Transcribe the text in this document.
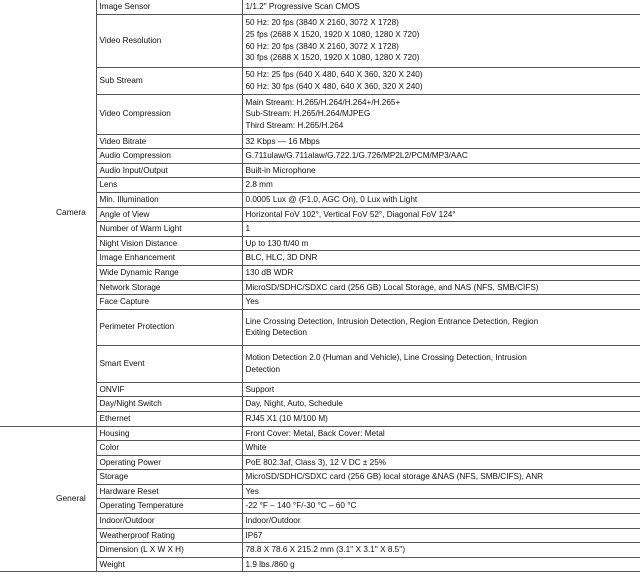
Camera	Image Sensor	1/1.2" Progressive Scan CMOS

	Video Resolution	50 Hz: 20 fps (3840 X 2160, 3072 X 1728)
25 fps (2688 X 1520, 1920 X 1080, 1280 X 720)
60 Hz: 20 fps (3840 X 2160, 3072 X 1728)
30 fps (2688 X 1520, 1920 X 1080, 1280 X 720)

	Sub Stream	50 Hz: 25 fps (640 X 480, 640 X 360, 320 X 240)
60 Hz: 30 fps (640 X 480, 640 X 360, 320 X 240)

	Video Compression	Main Stream: H.265/H.264/H.264+/H.265+
Sub-Stream: H.265/H.264/MJPEG
Third Stream: H.265/H.264

	Video Bitrate	32 Kbps — 16 Mbps

	Audio Compression	G.711ulaw/G.711alaw/G.722.1/G.726/MP2L2/PCM/MP3/AAC

	Audio Input/Output	Built-in Microphone

	Lens	2.8 mm

	Min. Illumination	0.0005 Lux @ (F1.0, AGC On), 0 Lux with Light

	Angle of View	Horizontal FoV 102°, Vertical FoV 52°, Diagonal FoV 124°

	Number of Warm Light	1

	Night Vision Distance	Up to 130 ft/40 m

	Image Enhancement	BLC, HLC, 3D DNR

	Wide Dynamic Range	130 dB WDR

	Network Storage	MicroSD/SDHC/SDXC card (256 GB) Local Storage, and NAS (NFS, SMB/CIFS)

	Face Capture	Yes

	Perimeter Protection	Line Crossing Detection, Intrusion Detection, Region Entrance Detection, Region
Exiting Detection

	Smart Event	Motion Detection 2.0 (Human and Vehicle), Line Crossing Detection, Intrusion
Detection

	ONVIF	Support

	Day/Night Switch	Day, Night, Auto, Schedule

	Ethernet	RJ45 X1 (10 M/100 M)

General	Housing	Front Cover: Metal, Back Cover: Metal

	Color	White

	Operating Power	PoE 802.3af, Class 3), 12 V DC ± 25%

	Storage	MicroSD/SDHC/SDXC card (256 GB) local storage &NAS (NFS, SMB/CIFS), ANR

	Hardware Reset	Yes

	Operating Temperature	-22 °F – 140 °F/-30 °C – 60 °C

	Indoor/Outdoor	Indoor/Outdoor

	Weatherproof Rating	IP67

	Dimension (L X W X H)	78.8 X 78.6 X 215.2 mm (3.1'' X 3.1'' X 8.5'')

	Weight	1.9 lbs./860 g
